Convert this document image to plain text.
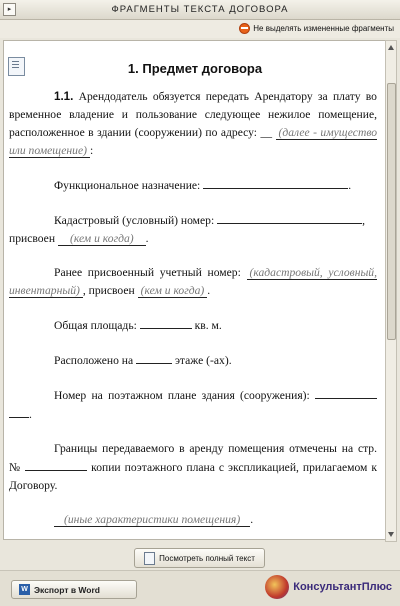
▸	ФРАГМЕНТЫ ТЕКСТА ДОГОВОРА
Не выделять измененные фрагменты
1. Предмет договора

1.1. Арендодатель обязуется передать Арендатору за плату во временное владение и пользование следующее нежилое помещение, расположенное в здании (сооружении) по адресу: __ (далее - имущество или помещение) :

Функциональное назначение:	.

Кадастровый (условный) номер:	,
присвоен (кем и когда) .

Ранее присвоенный учетный номер: (кадастровый, условный, инвентарный) , присвоен (кем и когда) .

Общая площадь:	кв. м.

Расположено на	этаже (-ах).

Номер на поэтажном плане здания (сооружения):  .

Границы передаваемого в аренду помещения отмечены на стр. №	копии поэтажного плана с экспликацией, прилагаемом к Договору.

(иные характеристики помещения) .

Посмотреть полный текст
W Экспорт в Word	КонсультантПлюс
